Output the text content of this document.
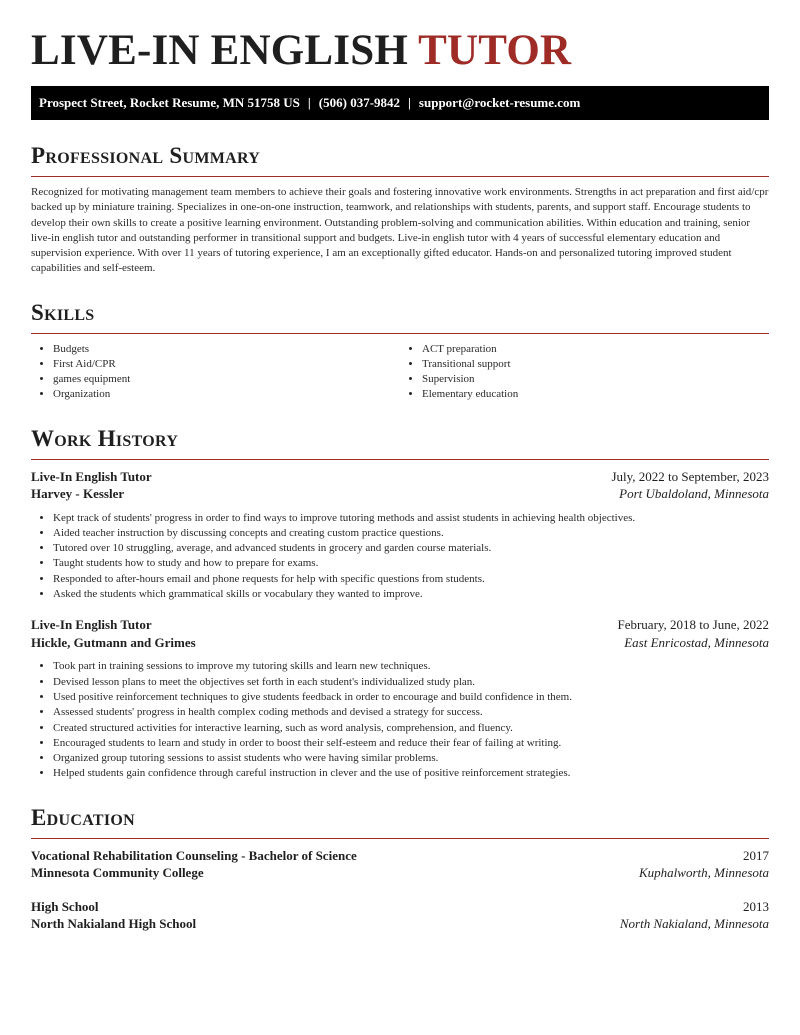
LIVE-IN ENGLISH TUTOR
Prospect Street, Rocket Resume, MN 51758 US | (506) 037-9842 | support@rocket-resume.com
Professional Summary

Recognized for motivating management team members to achieve their goals and fostering innovative work environments. Strengths in act preparation and first aid/cpr backed up by miniature training. Specializes in one-on-one instruction, teamwork, and relationships with students, parents, and support staff. Encourage students to develop their own skills to create a positive learning environment. Outstanding problem-solving and communication abilities. Within education and training, senior live-in english tutor and outstanding performer in transitional support and budgets. Live-in english tutor with 4 years of successful elementary education and supervision experience. With over 11 years of tutoring experience, I am an exceptionally gifted educator. Hands-on and personalized tutoring improved student capabilities and self-esteem.

Skills
• Budgets
• First Aid/CPR
• games equipment
• Organization
• ACT preparation
• Transitional support
• Supervision
• Elementary education
Work History
Live-In English Tutor	July, 2022 to September, 2023
Harvey - Kessler	Port Ubaldoland, Minnesota
• Kept track of students' progress in order to find ways to improve tutoring methods and assist students in achieving health objectives.
• Aided teacher instruction by discussing concepts and creating custom practice questions.
• Tutored over 10 struggling, average, and advanced students in grocery and garden course materials.
• Taught students how to study and how to prepare for exams.
• Responded to after-hours email and phone requests for help with specific questions from students.
• Asked the students which grammatical skills or vocabulary they wanted to improve.
Live-In English Tutor	February, 2018 to June, 2022
Hickle, Gutmann and Grimes	East Enricostad, Minnesota
• Took part in training sessions to improve my tutoring skills and learn new techniques.
• Devised lesson plans to meet the objectives set forth in each student's individualized study plan.
• Used positive reinforcement techniques to give students feedback in order to encourage and build confidence in them.
• Assessed students' progress in health complex coding methods and devised a strategy for success.
• Created structured activities for interactive learning, such as word analysis, comprehension, and fluency.
• Encouraged students to learn and study in order to boost their self-esteem and reduce their fear of failing at writing.
• Organized group tutoring sessions to assist students who were having similar problems.
• Helped students gain confidence through careful instruction in clever and the use of positive reinforcement strategies.
Education
Vocational Rehabilitation Counseling - Bachelor of Science	2017
Minnesota Community College	Kuphalworth, Minnesota
High School	2013
North Nakialand High School	North Nakialand, Minnesota
